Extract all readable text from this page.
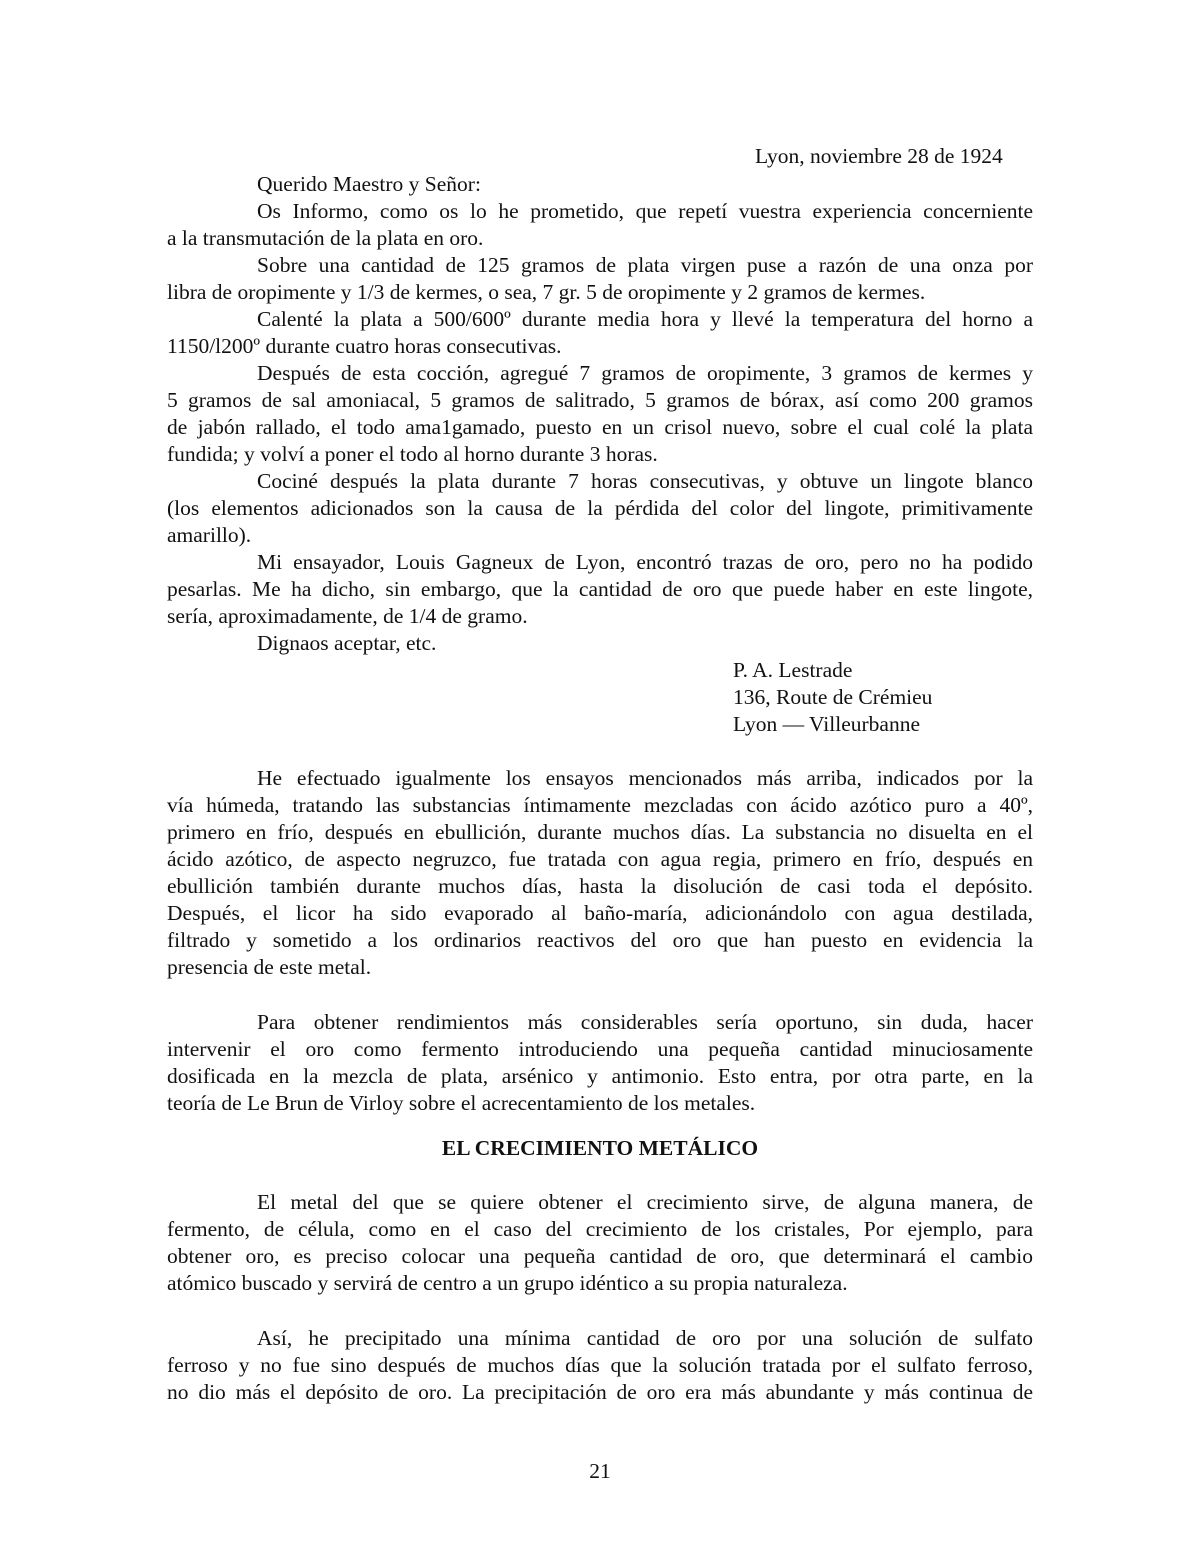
Lyon, noviembre 28 de 1924
Querido Maestro y Señor:
Os Informo, como os lo he prometido, que repetí vuestra experiencia concerniente
a la transmutación de la plata en oro.
Sobre una cantidad de 125 gramos de plata virgen puse a razón de una onza por
libra de oropimente y 1/3 de kermes, o sea, 7 gr. 5 de oropimente y 2 gramos de kermes.
Calenté la plata a 500/600º durante media hora y llevé la temperatura del horno a
1150/l200º durante cuatro horas consecutivas.
Después de esta cocción, agregué 7 gramos de oropimente, 3 gramos de kermes y
5 gramos de sal amoniacal, 5 gramos de salitrado, 5 gramos de bórax, así como 200 gramos
de jabón rallado, el todo ama1gamado, puesto en un crisol nuevo, sobre el cual colé la plata
fundida; y volví a poner el todo al horno durante 3 horas.
Cociné después la plata durante 7 horas consecutivas, y obtuve un lingote blanco
(los elementos adicionados son la causa de la pérdida del color del lingote, primitivamente
amarillo).
Mi ensayador, Louis Gagneux de Lyon, encontró trazas de oro, pero no ha podido
pesarlas. Me ha dicho, sin embargo, que la cantidad de oro que puede haber en este lingote,
sería, aproximadamente, de 1/4 de gramo.
Dignaos aceptar, etc.
P. A. Lestrade
136, Route de Crémieu
Lyon — Villeurbanne
He efectuado igualmente los ensayos mencionados más arriba, indicados por la
vía húmeda, tratando las substancias íntimamente mezcladas con ácido azótico puro a 40º,
primero en frío, después en ebullición, durante muchos días. La substancia no disuelta en el
ácido azótico, de aspecto negruzco, fue tratada con agua regia, primero en frío, después en
ebullición también durante muchos días, hasta la disolución de casi toda el depósito.
Después, el licor ha sido evaporado al baño-maría, adicionándolo con agua destilada,
filtrado y sometido a los ordinarios reactivos del oro que han puesto en evidencia la
presencia de este metal.
Para obtener rendimientos más considerables sería oportuno, sin duda, hacer
intervenir el oro como fermento introduciendo una pequeña cantidad minuciosamente
dosificada en la mezcla de plata, arsénico y antimonio. Esto entra, por otra parte, en la
teoría de Le Brun de Virloy sobre el acrecentamiento de los metales.
EL CRECIMIENTO METÁLICO
El metal del que se quiere obtener el crecimiento sirve, de alguna manera, de
fermento, de célula, como en el caso del crecimiento de los cristales, Por ejemplo, para
obtener oro, es preciso colocar una pequeña cantidad de oro, que determinará el cambio
atómico buscado y servirá de centro a un grupo idéntico a su propia naturaleza.
Así, he precipitado una mínima cantidad de oro por una solución de sulfato
ferroso y no fue sino después de muchos días que la solución tratada por el sulfato ferroso,
no dio más el depósito de oro. La precipitación de oro era más abundante y más continua de
21
